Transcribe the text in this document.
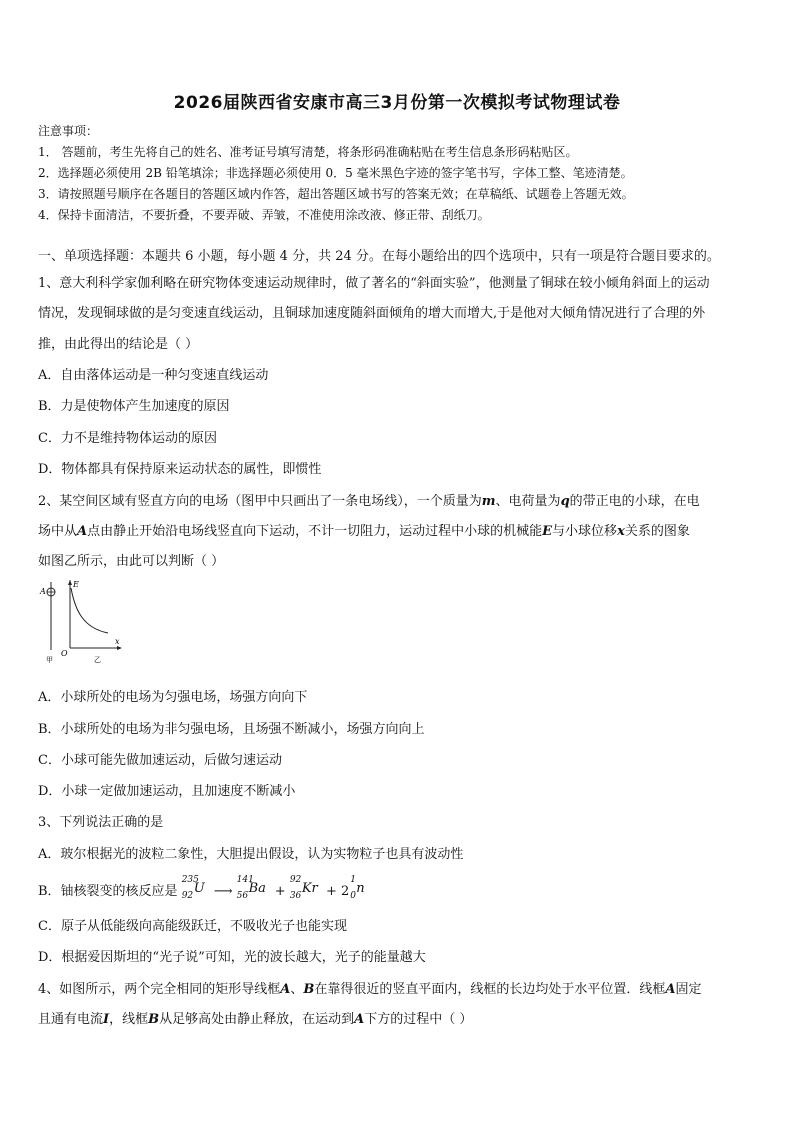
2026届陕西省安康市高三3月份第一次模拟考试物理试卷
注意事项：
1． 答题前，考生先将自己的姓名、准考证号填写清楚，将条形码准确粘贴在考生信息条形码粘贴区。
2．选择题必须使用 2B 铅笔填涂；非选择题必须使用 0．5 毫米黑色字迹的签字笔书写，字体工整、笔迹清楚。
3．请按照题号顺序在各题目的答题区域内作答，超出答题区域书写的答案无效；在草稿纸、试题卷上答题无效。
4．保持卡面清洁，不要折叠，不要弄破、弄皱，不准使用涂改液、修正带、刮纸刀。
一、单项选择题：本题共 6 小题，每小题 4 分，共 24 分。在每小题给出的四个选项中，只有一项是符合题目要求的。
1、意大利科学家伽利略在研究物体变速运动规律时，做了著名的“斜面实验”，他测量了铜球在较小倾角斜面上的运动
情况，发现铜球做的是匀变速直线运动，且铜球加速度随斜面倾角的增大而增大,于是他对大倾角情况进行了合理的外
推，由此得出的结论是（ ）
A．自由落体运动是一种匀变速直线运动
B．力是使物体产生加速度的原因
C．力不是维持物体运动的原因
D．物体都具有保持原来运动状态的属性，即惯性
2、某空间区域有竖直方向的电场（图甲中只画出了一条电场线），一个质量为m、电荷量为q的带正电的小球，在电
场中从A点由静止开始沿电场线竖直向下运动，不计一切阻力，运动过程中小球的机械能E与小球位移x关系的图象
如图乙所示，由此可以判断（ ）
A
甲
E
O
x
乙
A．小球所处的电场为匀强电场，场强方向向下
B．小球所处的电场为非匀强电场，且场强不断减小，场强方向向上
C．小球可能先做加速运动，后做匀速运动
D．小球一定做加速运动，且加速度不断减小
3、下列说法正确的是
A．玻尔根据光的波粒二象性，大胆提出假设，认为实物粒子也具有波动性
B．铀核裂变的核反应是
235
92 U ⟶
141
56 Ba +
92
36 Kr + 2
1
0 n
C．原子从低能级向高能级跃迁，不吸收光子也能实现
D．根据爱因斯坦的“光子说”可知，光的波长越大，光子的能量越大
4、如图所示，两个完全相同的矩形导线框A、B在靠得很近的竖直平面内，线框的长边均处于水平位置．线框A固定
且通有电流I，线框B从足够高处由静止释放，在运动到A下方的过程中（ ）
